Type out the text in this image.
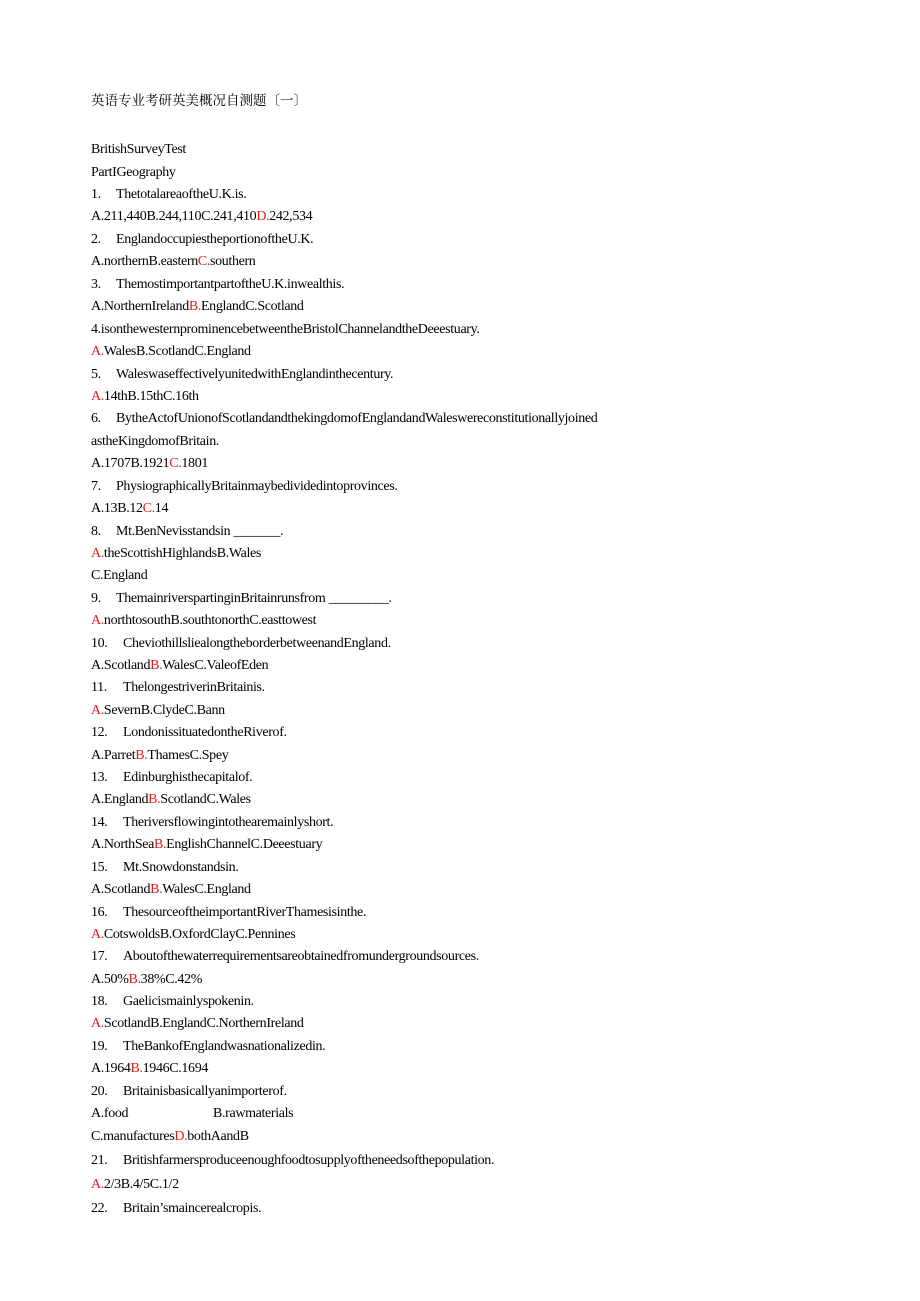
英语专业考研英美概况自测题〔一〕
BritishSurveyTest
PartIGeography
1. ThetotalareaoftheU.K.is.
A.211,440B.244,110C.241,410D.242,534
2. EnglandoccupiestheportionoftheU.K.
A.northernB.easternC.southern
3. ThemostimportantpartoftheU.K.inwealthis.
A.NorthernIrelandB.EnglandC.Scotland
4.isonthewesternprominencebetweentheBristolChannelandtheDeeestuary.
A.WalesB.ScotlandC.England
5. WaleswaseffectivelyunitedwithEnglandinthecentury.
A.14thB.15thC.16th
6. BytheActofUnionofScotlandandthekingdomofEnglandandWaleswereconstitutionallyjoined
astheKingdomofBritain.
A.1707B.1921C.1801
7. PhysiographicallyBritainmaybedividedintoprovinces.
A.13B.12C.14
8. Mt.BenNevisstandsin _______.
A.theScottishHighlandsB.Wales
C.England
9. ThemainriverspartinginBritainrunsfrom _________.
A.northtosouthB.southtonorthC.easttowest
10. CheviothillsliealongtheborderbetweenandEngland.
A.ScotlandB.WalesC.ValeofEden
11. ThelongestriverinBritainis.
A.SevernB.ClydeC.Bann
12. LondonissituatedontheRiverof.
A.ParretB.ThamesC.Spey
13. Edinburghisthecapitalof.
A.EnglandB.ScotlandC.Wales
14. Theriversflowingintothearemainlyshort.
A.NorthSeaB.EnglishChannelC.Deeestuary
15. Mt.Snowdonstandsin.
A.ScotlandB.WalesC.England
16. ThesourceoftheimportantRiverThamesisinthe.
A.CotswoldsB.OxfordClayC.Pennines
17. Aboutofthewaterrequirementsareobtainedfromundergroundsources.
A.50%B.38%C.42%
18. Gaelicismainlyspokenin.
A.ScotlandB.EnglandC.NorthernIreland
19. TheBankofEnglandwasnationalizedin.
A.1964B.1946C.1694
20. Britainisbasicallyanimporterof.
A.food	B.rawmaterials
C.manufacturesD.bothAandB
21. Britishfarmersproduceenoughfoodtosupplyoftheneedsofthepopulation.
A.2/3B.4/5C.1/2
22. Britain’smaincerealcropis.
